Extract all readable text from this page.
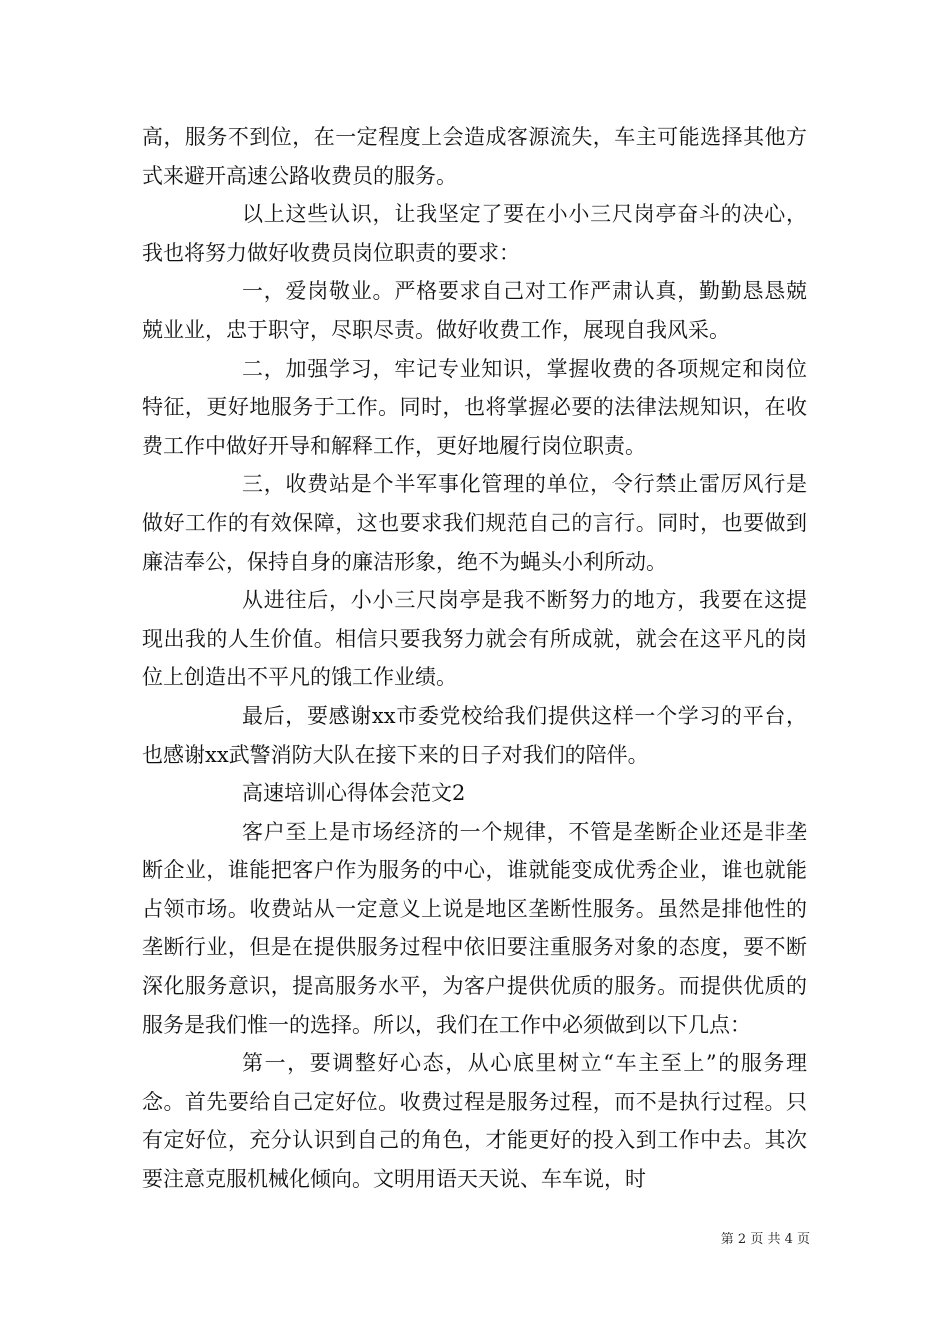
高，服务不到位，在一定程度上会造成客源流失，车主可能选择其他方式来避开高速公路收费员的服务。

以上这些认识，让我坚定了要在小小三尺岗亭奋斗的决心，我也将努力做好收费员岗位职责的要求：

一，爱岗敬业。严格要求自己对工作严肃认真，勤勤恳恳兢兢业业，忠于职守，尽职尽责。做好收费工作，展现自我风采。

二，加强学习，牢记专业知识，掌握收费的各项规定和岗位特征，更好地服务于工作。同时，也将掌握必要的法律法规知识，在收费工作中做好开导和解释工作，更好地履行岗位职责。

三，收费站是个半军事化管理的单位，令行禁止雷厉风行是做好工作的有效保障，这也要求我们规范自己的言行。同时，也要做到廉洁奉公，保持自身的廉洁形象，绝不为蝇头小利所动。

从进往后，小小三尺岗亭是我不断努力的地方，我要在这提现出我的人生价值。相信只要我努力就会有所成就，就会在这平凡的岗位上创造出不平凡的饿工作业绩。

最后，要感谢xx市委党校给我们提供这样一个学习的平台，也感谢xx武警消防大队在接下来的日子对我们的陪伴。

高速培训心得体会范文2

客户至上是市场经济的一个规律，不管是垄断企业还是非垄断企业，谁能把客户作为服务的中心，谁就能变成优秀企业，谁也就能占领市场。收费站从一定意义上说是地区垄断性服务。虽然是排他性的垄断行业，但是在提供服务过程中依旧要注重服务对象的态度，要不断深化服务意识，提高服务水平，为客户提供优质的服务。而提供优质的服务是我们惟一的选择。所以，我们在工作中必须做到以下几点：

第一，要调整好心态，从心底里树立“车主至上”的服务理念。首先要给自己定好位。收费过程是服务过程，而不是执行过程。只有定好位，充分认识到自己的角色，才能更好的投入到工作中去。其次要注意克服机械化倾向。文明用语天天说、车车说，时

第 2 页 共 4 页
